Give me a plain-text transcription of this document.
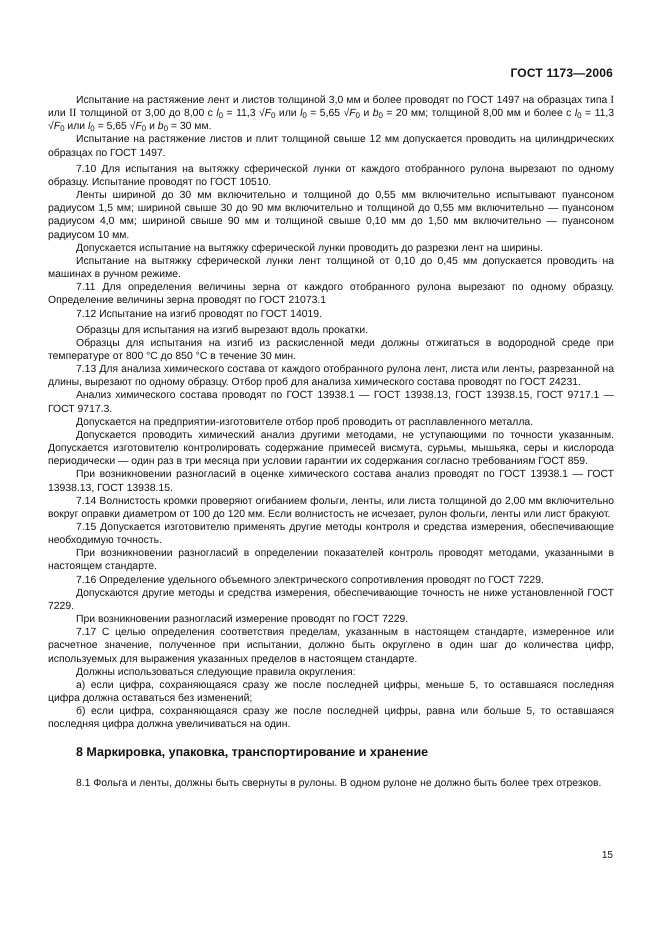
ГОСТ 1173—2006

Испытание на растяжение лент и листов толщиной 3,0 мм и более проводят по ГОСТ 1497 на образцах типа I или II толщиной от 3,00 до 8,00 с $l_0 = 11,3$ $√F_0$ или $l_0 = 5,65$ $√F_0$ и $b_0 = 20$ мм; толщиной 8,00 мм и более с $l_0 = 11,3$ $√F_0$ или $l_0 = 5,65$ $√F_0$ и $b_0 = 30$ мм.

Испытание на растяжение листов и плит толщиной свыше 12 мм допускается проводить на цилиндрических образцах по ГОСТ 1497.

7.10 Для испытания на вытяжку сферической лунки от каждого отобранного рулона вырезают по одному образцу. Испытание проводят по ГОСТ 10510.

Ленты шириной до 30 мм включительно и толщиной до 0,55 мм включительно испытывают пуансоном радиусом 1,5 мм; шириной свыше 30 до 90 мм включительно и толщиной до 0,55 мм включительно — пуансоном радиусом 4,0 мм; шириной свыше 90 мм и толщиной свыше 0,10 мм до 1,50 мм включительно — пуансоном радиусом 10 мм.

Допускается испытание на вытяжку сферической лунки проводить до разрезки лент на ширины.

Испытание на вытяжку сферической лунки лент толщиной от 0,10 до 0,45 мм допускается проводить на машинах в ручном режиме.

7.11 Для определения величины зерна от каждого отобранного рулона вырезают по одному образцу. Определение величины зерна проводят по ГОСТ 21073.1

7.12 Испытание на изгиб проводят по ГОСТ 14019.

Образцы для испытания на изгиб вырезают вдоль прокатки.

Образцы для испытания на изгиб из раскисленной меди должны отжигаться в водородной среде при температуре от 800 °С до 850 °С в течение 30 мин.

7.13 Для анализа химического состава от каждого отобранного рулона лент, листа или ленты, разрезанной на длины, вырезают по одному образцу. Отбор проб для анализа химического состава проводят по ГОСТ 24231.

Анализ химического состава проводят по ГОСТ 13938.1 — ГОСТ 13938.13, ГОСТ 13938.15, ГОСТ 9717.1 — ГОСТ 9717.3.

Допускается на предприятии-изготовителе отбор проб проводить от расплавленного металла.

Допускается проводить химический анализ другими методами, не уступающими по точности указанным. Допускается изготовителю контролировать содержание примесей висмута, сурьмы, мышьяка, серы и кислорода периодически — один раз в три месяца при условии гарантии их содержания согласно требованиям ГОСТ 859.

При возникновении разногласий в оценке химического состава анализ проводят по ГОСТ 13938.1 — ГОСТ 13938.13, ГОСТ 13938.15.

7.14 Волнистость кромки проверяют огибанием фольги, ленты, или листа толщиной до 2,00 мм включительно вокруг оправки диаметром от 100 до 120 мм. Если волнистость не исчезает, рулон фольги, ленты или лист бракуют.

7.15 Допускается изготовителю применять другие методы контроля и средства измерения, обеспечивающие необходимую точность.

При возникновении разногласий в определении показателей контроль проводят методами, указанными в настоящем стандарте.

7.16 Определение удельного объемного электрического сопротивления проводят по ГОСТ 7229.

Допускаются другие методы и средства измерения, обеспечивающие точность не ниже установленной ГОСТ 7229.

При возникновении разногласий измерение проводят по ГОСТ 7229.

7.17 С целью определения соответствия пределам, указанным в настоящем стандарте, измеренное или расчетное значение, полученное при испытании, должно быть округлено в один шаг до количества цифр, используемых для выражения указанных пределов в настоящем стандарте.

Должны использоваться следующие правила округления:

а) если цифра, сохраняющаяся сразу же после последней цифры, меньше 5, то оставшаяся последняя цифра должна оставаться без изменений;

б) если цифра, сохраняющаяся сразу же после последней цифры, равна или больше 5, то оставшаяся последняя цифра должна увеличиваться на один.

8 Маркировка, упаковка, транспортирование и хранение

8.1 Фольга и ленты, должны быть свернуты в рулоны. В одном рулоне не должно быть более трех отрезков.

15
